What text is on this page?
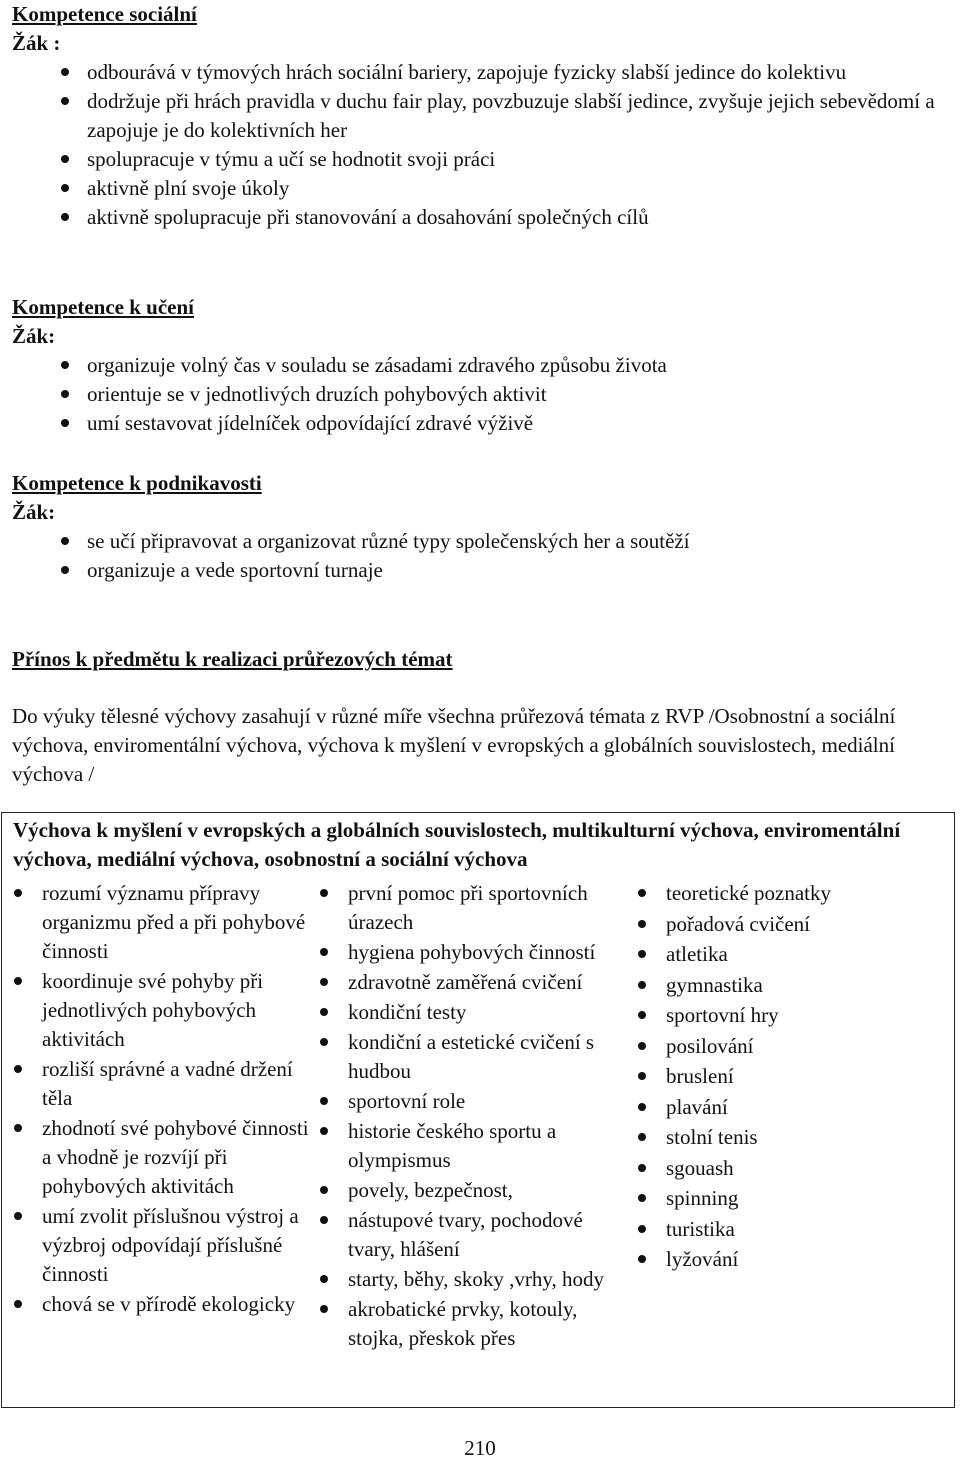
Kompetence sociální
Žák :
odbourává v týmových hrách sociální bariery, zapojuje fyzicky slabší jedince do kolektivu
dodržuje při hrách pravidla v duchu fair play, povzbuzuje slabší jedince, zvyšuje jejich sebevědomí a zapojuje je do kolektivních her
spolupracuje v týmu a učí se hodnotit svoji práci
aktivně plní svoje úkoly
aktivně spolupracuje při stanovování a dosahování společných cílů
Kompetence k učení
Žák:
organizuje volný čas v souladu se zásadami zdravého způsobu života
orientuje se v jednotlivých druzích pohybových aktivit
umí sestavovat jídelníček odpovídající zdravé výživě
Kompetence k podnikavosti
Žák:
se učí připravovat a organizovat různé typy společenských her a soutěží
organizuje a vede sportovní turnaje
Přínos k předmětu k realizaci průřezových témat
Do výuky tělesné výchovy zasahují v různé míře všechna průřezová témata z RVP /Osobnostní a sociální výchova, enviromentální výchova, výchova k myšlení v evropských a globálních souvislostech, mediální výchova /
Výchova k myšlení v evropských a globálních souvislostech, multikulturní výchova, enviromentální výchova, mediální výchova, osobnostní a sociální výchova
rozumí významu přípravy organizmu před a při pohybové činnosti
koordinuje své pohyby při jednotlivých pohybových aktivitách
rozliší správné a vadné držení těla
zhodnotí své pohybové činnosti a vhodně je rozvíjí při pohybových aktivitách
umí zvolit příslušnou výstroj a výzbroj odpovídají příslušné činnosti
chová se v přírodě ekologicky
první pomoc při sportovních úrazech
hygiena pohybových činností
zdravotně zaměřená cvičení
kondiční testy
kondiční a estetické cvičení s hudbou
sportovní role
historie českého sportu a olympismus
povely, bezpečnost,
nástupové tvary, pochodové tvary, hlášení
starty, běhy, skoky ,vrhy, hody
akrobatické prvky, kotouly, stojka, přeskok přes
teoretické poznatky
pořadová cvičení
atletika
gymnastika
sportovní hry
posilování
bruslení
plavání
stolní tenis
sgouash
spinning
turistika
lyžování
210
